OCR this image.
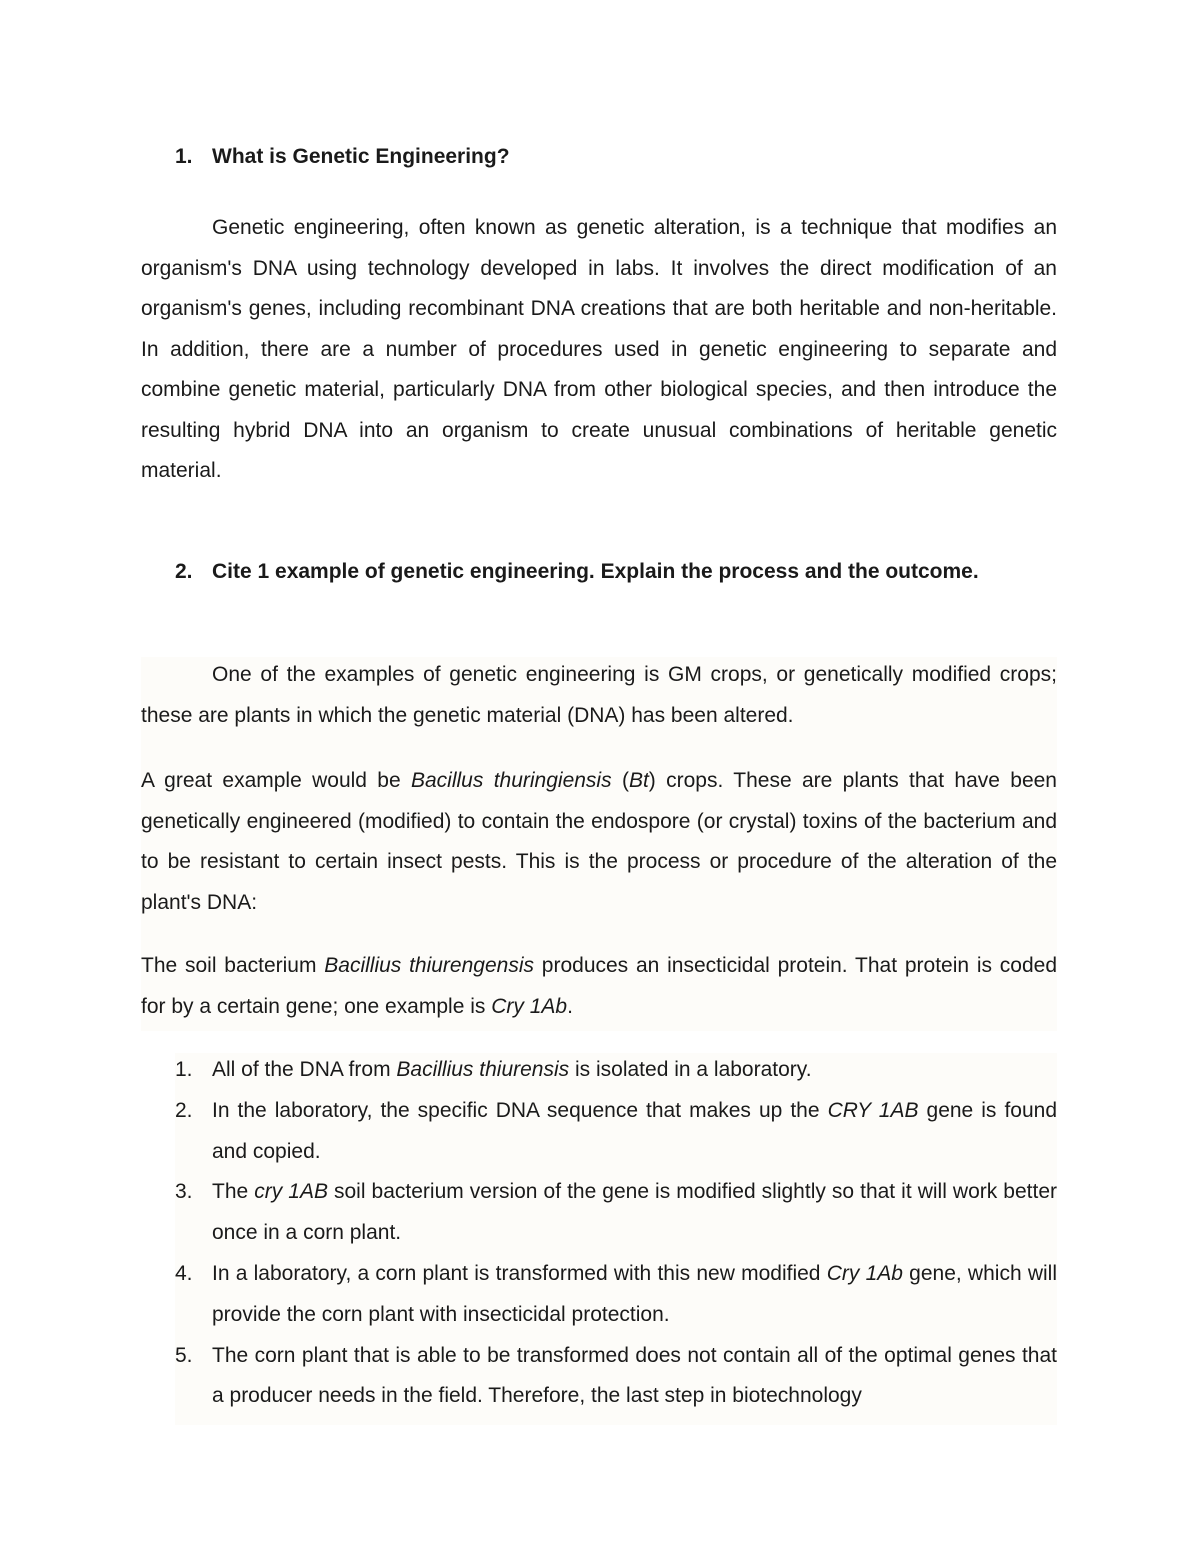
1. What is Genetic Engineering?

Genetic engineering, often known as genetic alteration, is a technique that modifies an organism's DNA using technology developed in labs. It involves the direct modification of an organism's genes, including recombinant DNA creations that are both heritable and non-heritable. In addition, there are a number of procedures used in genetic engineering to separate and combine genetic material, particularly DNA from other biological species, and then introduce the resulting hybrid DNA into an organism to create unusual combinations of heritable genetic material.

2. Cite 1 example of genetic engineering. Explain the process and the outcome.

One of the examples of genetic engineering is GM crops, or genetically modified crops; these are plants in which the genetic material (DNA) has been altered.

A great example would be Bacillus thuringiensis (Bt) crops. These are plants that have been genetically engineered (modified) to contain the endospore (or crystal) toxins of the bacterium and to be resistant to certain insect pests. This is the process or procedure of the alteration of the plant's DNA:

The soil bacterium Bacillius thiurengensis produces an insecticidal protein. That protein is coded for by a certain gene; one example is Cry 1Ab.

1. All of the DNA from Bacillius thiurensis is isolated in a laboratory.
2. In the laboratory, the specific DNA sequence that makes up the CRY 1AB gene is found and copied.
3. The cry 1AB soil bacterium version of the gene is modified slightly so that it will work better once in a corn plant.
4. In a laboratory, a corn plant is transformed with this new modified Cry 1Ab gene, which will provide the corn plant with insecticidal protection.
5. The corn plant that is able to be transformed does not contain all of the optimal genes that a producer needs in the field. Therefore, the last step in biotechnology
